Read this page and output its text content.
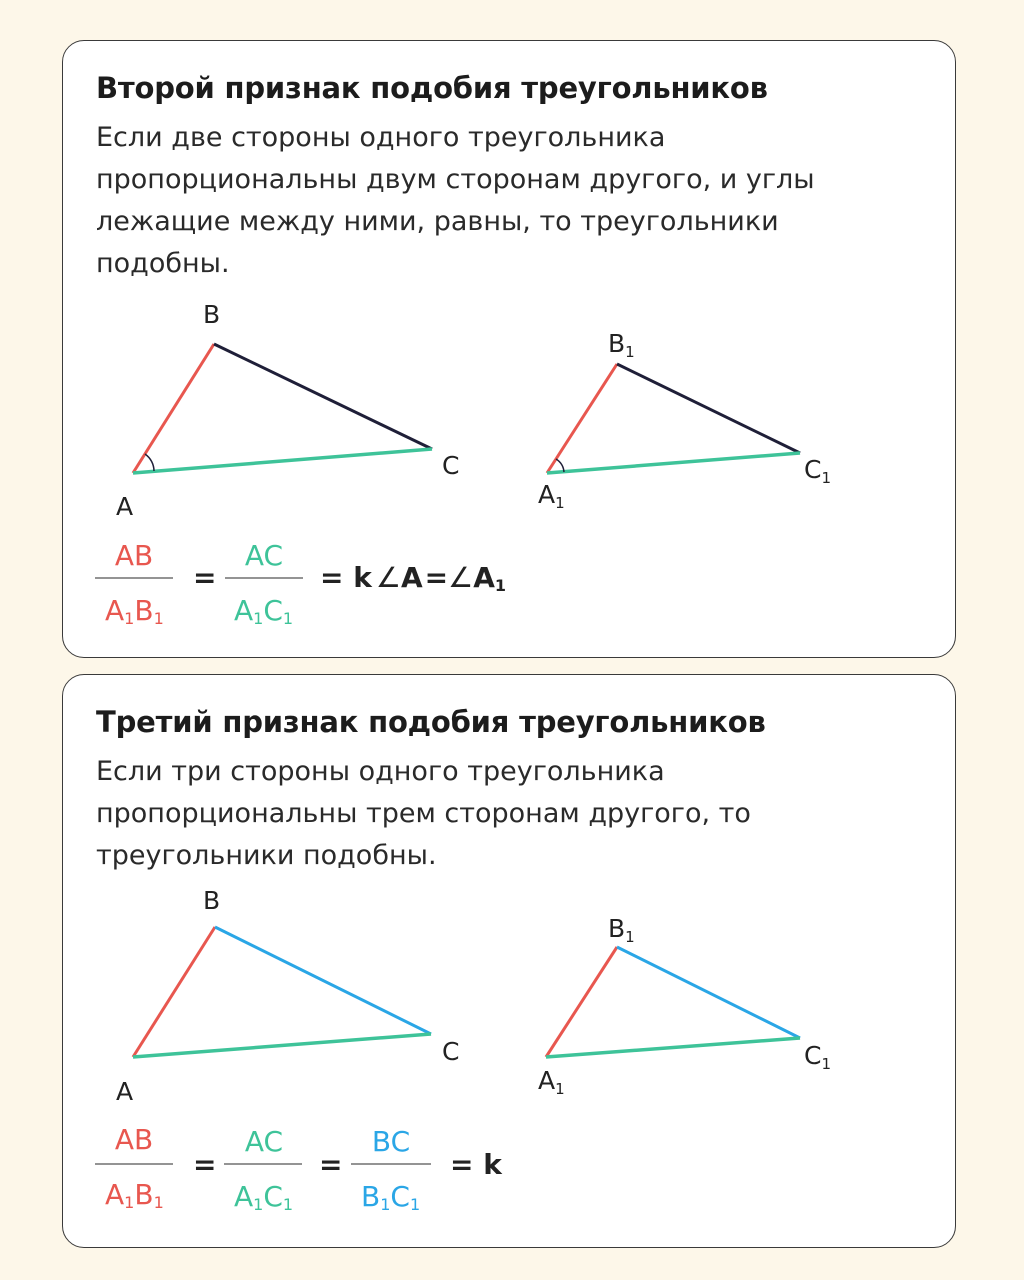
Второй признак подобия треугольников

Если две стороны одного треугольника
пропорциональны двум сторонам другого, и углы
лежащие между ними, равны, то треугольники
подобны.

B
C
A
$B_1$
$C_1$
$A_1$
AB
A1B1
=
AC
A1C1
= k ∠A=∠A1
Третий признак подобия треугольников

Если три стороны одного треугольника
пропорциональны трем сторонам другого, то
треугольники подобны.

B
C
A
$B_1$
$C_1$
$A_1$
AB
A1B1
=
AC
A1C1
=
BC
B1C1
= k
